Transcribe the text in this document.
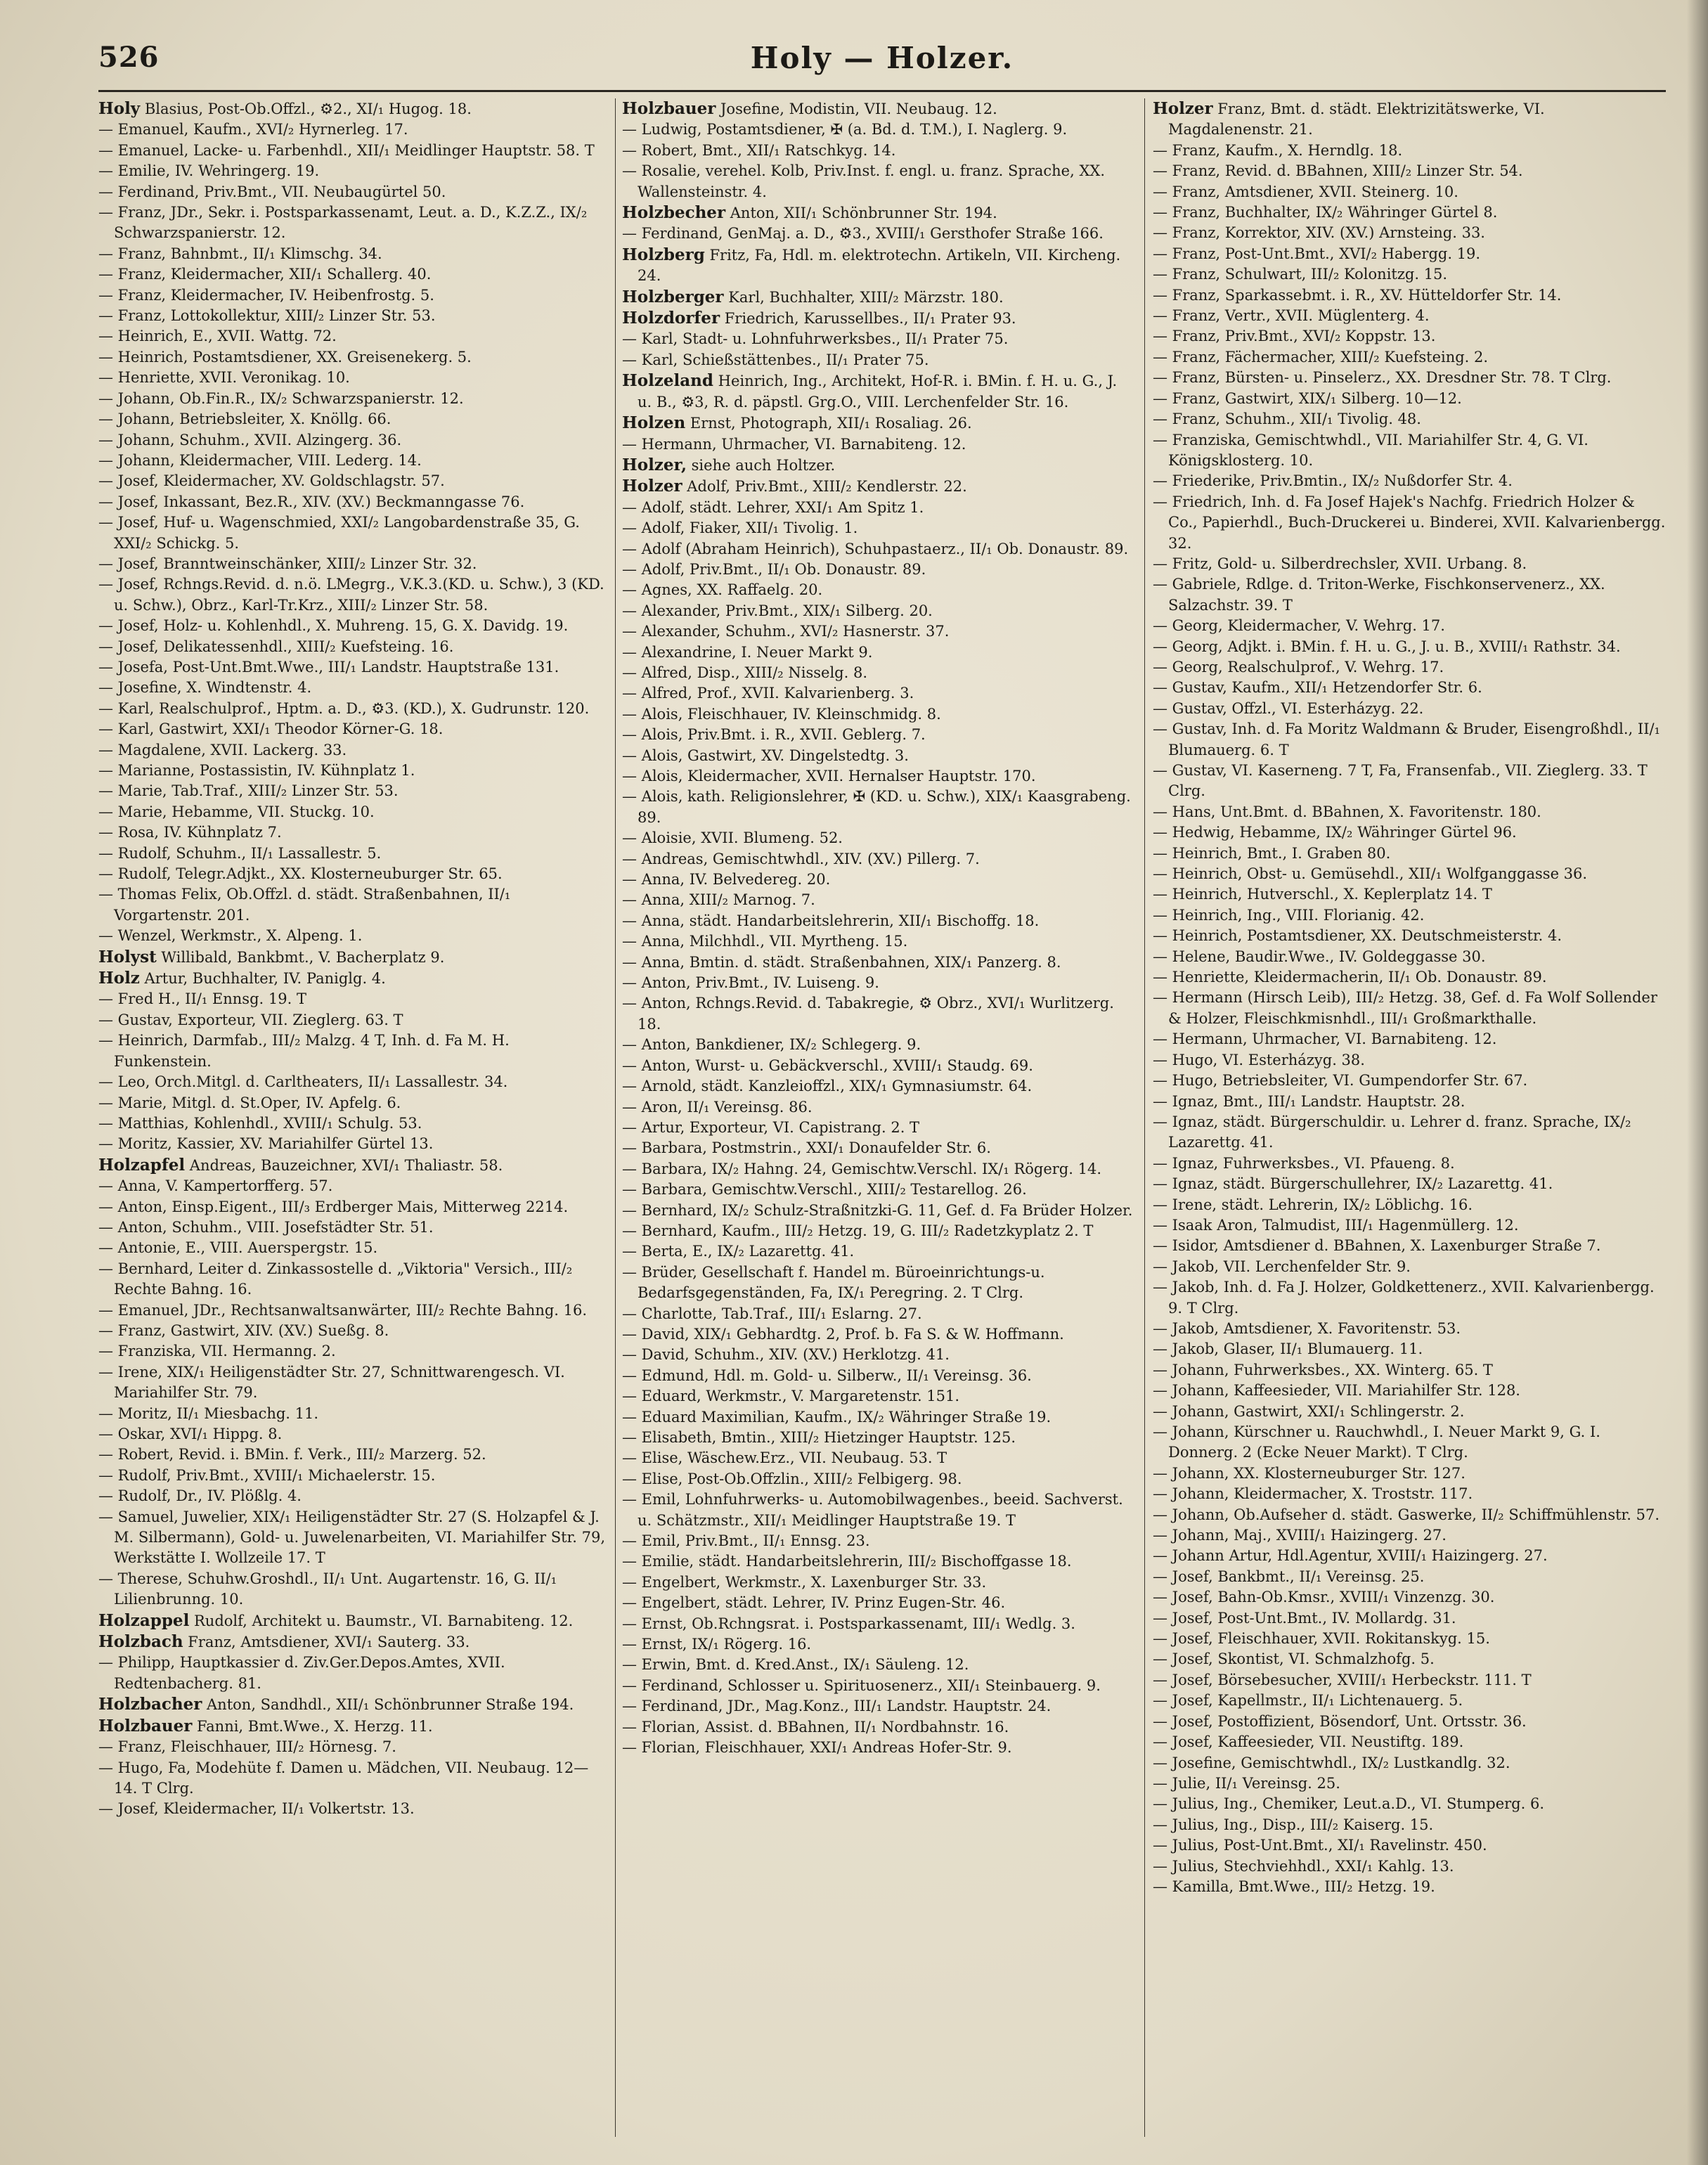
526	Holy — Holzer.

Holy Blasius, Post-Ob.Offzl., ⚙2., XI/₁ Hugog. 18.

— Emanuel, Kaufm., XVI/₂ Hyrnerleg. 17.

— Emanuel, Lacke- u. Farbenhdl., XII/₁ Meidlinger Hauptstr. 58. T

— Emilie, IV. Wehringerg. 19.

— Ferdinand, Priv.Bmt., VII. Neubaugürtel 50.

— Franz, JDr., Sekr. i. Postsparkassenamt, Leut. a. D., K.Z.Z., IX/₂ Schwarzspanierstr. 12.

— Franz, Bahnbmt., II/₁ Klimschg. 34.

— Franz, Kleidermacher, XII/₁ Schallerg. 40.

— Franz, Kleidermacher, IV. Heibenfrostg. 5.

— Franz, Lottokollektur, XIII/₂ Linzer Str. 53.

— Heinrich, E., XVII. Wattg. 72.

— Heinrich, Postamtsdiener, XX. Greisenekerg. 5.

— Henriette, XVII. Veronikag. 10.

— Johann, Ob.Fin.R., IX/₂ Schwarzspanierstr. 12.

— Johann, Betriebsleiter, X. Knöllg. 66.

— Johann, Schuhm., XVII. Alzingerg. 36.

— Johann, Kleidermacher, VIII. Lederg. 14.

— Josef, Kleidermacher, XV. Goldschlagstr. 57.

— Josef, Inkassant, Bez.R., XIV. (XV.) Beckmanngasse 76.

— Josef, Huf- u. Wagenschmied, XXI/₂ Langobardenstraße 35, G. XXI/₂ Schickg. 5.

— Josef, Branntweinschänker, XIII/₂ Linzer Str. 32.

— Josef, Rchngs.Revid. d. n.ö. LMegrg., V.K.3.(KD. u. Schw.), 3 (KD. u. Schw.), Obrz., Karl-Tr.Krz., XIII/₂ Linzer Str. 58.

— Josef, Holz- u. Kohlenhdl., X. Muhreng. 15, G. X. Davidg. 19.

— Josef, Delikatessenhdl., XIII/₂ Kuefsteing. 16.

— Josefa, Post-Unt.Bmt.Wwe., III/₁ Landstr. Hauptstraße 131.

— Josefine, X. Windtenstr. 4.

— Karl, Realschulprof., Hptm. a. D., ⚙3. (KD.), X. Gudrunstr. 120.

— Karl, Gastwirt, XXI/₁ Theodor Körner-G. 18.

— Magdalene, XVII. Lackerg. 33.

— Marianne, Postassistin, IV. Kühnplatz 1.

— Marie, Tab.Traf., XIII/₂ Linzer Str. 53.

— Marie, Hebamme, VII. Stuckg. 10.

— Rosa, IV. Kühnplatz 7.

— Rudolf, Schuhm., II/₁ Lassallestr. 5.

— Rudolf, Telegr.Adjkt., XX. Klosterneuburger Str. 65.

— Thomas Felix, Ob.Offzl. d. städt. Straßenbahnen, II/₁ Vorgartenstr. 201.

— Wenzel, Werkmstr., X. Alpeng. 1.

Holyst Willibald, Bankbmt., V. Bacherplatz 9.

Holz Artur, Buchhalter, IV. Paniglg. 4.

— Fred H., II/₁ Ennsg. 19. T

— Gustav, Exporteur, VII. Zieglerg. 63. T

— Heinrich, Darmfab., III/₂ Malzg. 4 T, Inh. d. Fa M. H. Funkenstein.

— Leo, Orch.Mitgl. d. Carltheaters, II/₁ Lassallestr. 34.

— Marie, Mitgl. d. St.Oper, IV. Apfelg. 6.

— Matthias, Kohlenhdl., XVIII/₁ Schulg. 53.

— Moritz, Kassier, XV. Mariahilfer Gürtel 13.

Holzapfel Andreas, Bauzeichner, XVI/₁ Thaliastr. 58.

— Anna, V. Kampertorfferg. 57.

— Anton, Einsp.Eigent., III/₃ Erdberger Mais, Mitterweg 2214.

— Anton, Schuhm., VIII. Josefstädter Str. 51.

— Antonie, E., VIII. Auerspergstr. 15.

— Bernhard, Leiter d. Zinkassostelle d. „Viktoria" Versich., III/₂ Rechte Bahng. 16.

— Emanuel, JDr., Rechtsanwaltsanwärter, III/₂ Rechte Bahng. 16.

— Franz, Gastwirt, XIV. (XV.) Sueßg. 8.

— Franziska, VII. Hermanng. 2.

— Irene, XIX/₁ Heiligenstädter Str. 27, Schnittwarengesch. VI. Mariahilfer Str. 79.

— Moritz, II/₁ Miesbachg. 11.

— Oskar, XVI/₁ Hippg. 8.

— Robert, Revid. i. BMin. f. Verk., III/₂ Marzerg. 52.

— Rudolf, Priv.Bmt., XVIII/₁ Michaelerstr. 15.

— Rudolf, Dr., IV. Plößlg. 4.

— Samuel, Juwelier, XIX/₁ Heiligenstädter Str. 27 (S. Holzapfel & J. M. Silbermann), Gold- u. Juwelenarbeiten, VI. Mariahilfer Str. 79, Werkstätte I. Wollzeile 17. T

— Therese, Schuhw.Groshdl., II/₁ Unt. Augartenstr. 16, G. II/₁ Lilienbrunng. 10.

Holzappel Rudolf, Architekt u. Baumstr., VI. Barnabiteng. 12.

Holzbach Franz, Amtsdiener, XVI/₁ Sauterg. 33.

— Philipp, Hauptkassier d. Ziv.Ger.Depos.Amtes, XVII. Redtenbacherg. 81.

Holzbacher Anton, Sandhdl., XII/₁ Schönbrunner Straße 194.

Holzbauer Fanni, Bmt.Wwe., X. Herzg. 11.

— Franz, Fleischhauer, III/₂ Hörnesg. 7.

— Hugo, Fa, Modehüte f. Damen u. Mädchen, VII. Neubaug. 12—14. T Clrg.

— Josef, Kleidermacher, II/₁ Volkertstr. 13.

Holzbauer Josefine, Modistin, VII. Neubaug. 12.

— Ludwig, Postamtsdiener, ✠ (a. Bd. d. T.M.), I. Naglerg. 9.

— Robert, Bmt., XII/₁ Ratschkyg. 14.

— Rosalie, verehel. Kolb, Priv.Inst. f. engl. u. franz. Sprache, XX. Wallensteinstr. 4.

Holzbecher Anton, XII/₁ Schönbrunner Str. 194.

— Ferdinand, GenMaj. a. D., ⚙3., XVIII/₁ Gersthofer Straße 166.

Holzberg Fritz, Fa, Hdl. m. elektrotechn. Artikeln, VII. Kircheng. 24.

Holzberger Karl, Buchhalter, XIII/₂ Märzstr. 180.

Holzdorfer Friedrich, Karussellbes., II/₁ Prater 93.

— Karl, Stadt- u. Lohnfuhrwerksbes., II/₁ Prater 75.

— Karl, Schießstättenbes., II/₁ Prater 75.

Holzeland Heinrich, Ing., Architekt, Hof-R. i. BMin. f. H. u. G., J. u. B., ⚙3, R. d. päpstl. Grg.O., VIII. Lerchenfelder Str. 16.

Holzen Ernst, Photograph, XII/₁ Rosaliag. 26.

— Hermann, Uhrmacher, VI. Barnabiteng. 12.

Holzer, siehe auch Holtzer.

Holzer Adolf, Priv.Bmt., XIII/₂ Kendlerstr. 22.

— Adolf, städt. Lehrer, XXI/₁ Am Spitz 1.

— Adolf, Fiaker, XII/₁ Tivolig. 1.

— Adolf (Abraham Heinrich), Schuhpastaerz., II/₁ Ob. Donaustr. 89.

— Adolf, Priv.Bmt., II/₁ Ob. Donaustr. 89.

— Agnes, XX. Raffaelg. 20.

— Alexander, Priv.Bmt., XIX/₁ Silberg. 20.

— Alexander, Schuhm., XVI/₂ Hasnerstr. 37.

— Alexandrine, I. Neuer Markt 9.

— Alfred, Disp., XIII/₂ Nisselg. 8.

— Alfred, Prof., XVII. Kalvarienberg. 3.

— Alois, Fleischhauer, IV. Kleinschmidg. 8.

— Alois, Priv.Bmt. i. R., XVII. Geblerg. 7.

— Alois, Gastwirt, XV. Dingelstedtg. 3.

— Alois, Kleidermacher, XVII. Hernalser Hauptstr. 170.

— Alois, kath. Religionslehrer, ✠ (KD. u. Schw.), XIX/₁ Kaasgrabeng. 89.

— Aloisie, XVII. Blumeng. 52.

— Andreas, Gemischtwhdl., XIV. (XV.) Pillerg. 7.

— Anna, IV. Belvedereg. 20.

— Anna, XIII/₂ Marnog. 7.

— Anna, städt. Handarbeitslehrerin, XII/₁ Bischoffg. 18.

— Anna, Milchhdl., VII. Myrtheng. 15.

— Anna, Bmtin. d. städt. Straßenbahnen, XIX/₁ Panzerg. 8.

— Anton, Priv.Bmt., IV. Luiseng. 9.

— Anton, Rchngs.Revid. d. Tabakregie, ⚙ Obrz., XVI/₁ Wurlitzerg. 18.

— Anton, Bankdiener, IX/₂ Schlegerg. 9.

— Anton, Wurst- u. Gebäckverschl., XVIII/₁ Staudg. 69.

— Arnold, städt. Kanzleioffzl., XIX/₁ Gymnasiumstr. 64.

— Aron, II/₁ Vereinsg. 86.

— Artur, Exporteur, VI. Capistrang. 2. T

— Barbara, Postmstrin., XXI/₁ Donaufelder Str. 6.

— Barbara, IX/₂ Hahng. 24, Gemischtw.Verschl. IX/₁ Rögerg. 14.

— Barbara, Gemischtw.Verschl., XIII/₂ Testarellog. 26.

— Bernhard, IX/₂ Schulz-Straßnitzki-G. 11, Gef. d. Fa Brüder Holzer.

— Bernhard, Kaufm., III/₂ Hetzg. 19, G. III/₂ Radetzkyplatz 2. T

— Berta, E., IX/₂ Lazarettg. 41.

— Brüder, Gesellschaft f. Handel m. Büroeinrichtungs-u. Bedarfsgegenständen, Fa, IX/₁ Peregring. 2. T Clrg.

— Charlotte, Tab.Traf., III/₁ Eslarng. 27.

— David, XIX/₁ Gebhardtg. 2, Prof. b. Fa S. & W. Hoffmann.

— David, Schuhm., XIV. (XV.) Herklotzg. 41.

— Edmund, Hdl. m. Gold- u. Silberw., II/₁ Vereinsg. 36.

— Eduard, Werkmstr., V. Margaretenstr. 151.

— Eduard Maximilian, Kaufm., IX/₂ Währinger Straße 19.

— Elisabeth, Bmtin., XIII/₂ Hietzinger Hauptstr. 125.

— Elise, Wäschew.Erz., VII. Neubaug. 53. T

— Elise, Post-Ob.Offzlin., XIII/₂ Felbigerg. 98.

— Emil, Lohnfuhrwerks- u. Automobilwagenbes., beeid. Sachverst. u. Schätzmstr., XII/₁ Meidlinger Hauptstraße 19. T

— Emil, Priv.Bmt., II/₁ Ennsg. 23.

— Emilie, städt. Handarbeitslehrerin, III/₂ Bischoffgasse 18.

— Engelbert, Werkmstr., X. Laxenburger Str. 33.

— Engelbert, städt. Lehrer, IV. Prinz Eugen-Str. 46.

— Ernst, Ob.Rchngsrat. i. Postsparkassenamt, III/₁ Wedlg. 3.

— Ernst, IX/₁ Rögerg. 16.

— Erwin, Bmt. d. Kred.Anst., IX/₁ Säuleng. 12.

— Ferdinand, Schlosser u. Spirituosenerz., XII/₁ Steinbauerg. 9.

— Ferdinand, JDr., Mag.Konz., III/₁ Landstr. Hauptstr. 24.

— Florian, Assist. d. BBahnen, II/₁ Nordbahnstr. 16.

— Florian, Fleischhauer, XXI/₁ Andreas Hofer-Str. 9.

Holzer Franz, Bmt. d. städt. Elektrizitätswerke, VI. Magdalenenstr. 21.

— Franz, Kaufm., X. Herndlg. 18.

— Franz, Revid. d. BBahnen, XIII/₂ Linzer Str. 54.

— Franz, Amtsdiener, XVII. Steinerg. 10.

— Franz, Buchhalter, IX/₂ Währinger Gürtel 8.

— Franz, Korrektor, XIV. (XV.) Arnsteing. 33.

— Franz, Post-Unt.Bmt., XVI/₂ Habergg. 19.

— Franz, Schulwart, III/₂ Kolonitzg. 15.

— Franz, Sparkassebmt. i. R., XV. Hütteldorfer Str. 14.

— Franz, Vertr., XVII. Müglenterg. 4.

— Franz, Priv.Bmt., XVI/₂ Koppstr. 13.

— Franz, Fächermacher, XIII/₂ Kuefsteing. 2.

— Franz, Bürsten- u. Pinselerz., XX. Dresdner Str. 78. T Clrg.

— Franz, Gastwirt, XIX/₁ Silberg. 10—12.

— Franz, Schuhm., XII/₁ Tivolig. 48.

— Franziska, Gemischtwhdl., VII. Mariahilfer Str. 4, G. VI. Königsklosterg. 10.

— Friederike, Priv.Bmtin., IX/₂ Nußdorfer Str. 4.

— Friedrich, Inh. d. Fa Josef Hajek's Nachfg. Friedrich Holzer & Co., Papierhdl., Buch-Druckerei u. Binderei, XVII. Kalvarienbergg. 32.

— Fritz, Gold- u. Silberdrechsler, XVII. Urbang. 8.

— Gabriele, Rdlge. d. Triton-Werke, Fischkonservenerz., XX. Salzachstr. 39. T

— Georg, Kleidermacher, V. Wehrg. 17.

— Georg, Adjkt. i. BMin. f. H. u. G., J. u. B., XVIII/₁ Rathstr. 34.

— Georg, Realschulprof., V. Wehrg. 17.

— Gustav, Kaufm., XII/₁ Hetzendorfer Str. 6.

— Gustav, Offzl., VI. Esterházyg. 22.

— Gustav, Inh. d. Fa Moritz Waldmann & Bruder, Eisengroßhdl., II/₁ Blumauerg. 6. T

— Gustav, VI. Kaserneng. 7 T, Fa, Fransenfab., VII. Zieglerg. 33. T Clrg.

— Hans, Unt.Bmt. d. BBahnen, X. Favoritenstr. 180.

— Hedwig, Hebamme, IX/₂ Währinger Gürtel 96.

— Heinrich, Bmt., I. Graben 80.

— Heinrich, Obst- u. Gemüsehdl., XII/₁ Wolfganggasse 36.

— Heinrich, Hutverschl., X. Keplerplatz 14. T

— Heinrich, Ing., VIII. Florianig. 42.

— Heinrich, Postamtsdiener, XX. Deutschmeisterstr. 4.

— Helene, Baudir.Wwe., IV. Goldeggasse 30.

— Henriette, Kleidermacherin, II/₁ Ob. Donaustr. 89.

— Hermann (Hirsch Leib), III/₂ Hetzg. 38, Gef. d. Fa Wolf Sollender & Holzer, Fleischkmisnhdl., III/₁ Großmarkthalle.

— Hermann, Uhrmacher, VI. Barnabiteng. 12.

— Hugo, VI. Esterházyg. 38.

— Hugo, Betriebsleiter, VI. Gumpendorfer Str. 67.

— Ignaz, Bmt., III/₁ Landstr. Hauptstr. 28.

— Ignaz, städt. Bürgerschuldir. u. Lehrer d. franz. Sprache, IX/₂ Lazarettg. 41.

— Ignaz, Fuhrwerksbes., VI. Pfaueng. 8.

— Ignaz, städt. Bürgerschullehrer, IX/₂ Lazarettg. 41.

— Irene, städt. Lehrerin, IX/₂ Löblichg. 16.

— Isaak Aron, Talmudist, III/₁ Hagenmüllerg. 12.

— Isidor, Amtsdiener d. BBahnen, X. Laxenburger Straße 7.

— Jakob, VII. Lerchenfelder Str. 9.

— Jakob, Inh. d. Fa J. Holzer, Goldkettenerz., XVII. Kalvarienbergg. 9. T Clrg.

— Jakob, Amtsdiener, X. Favoritenstr. 53.

— Jakob, Glaser, II/₁ Blumauerg. 11.

— Johann, Fuhrwerksbes., XX. Winterg. 65. T

— Johann, Kaffeesieder, VII. Mariahilfer Str. 128.

— Johann, Gastwirt, XXI/₁ Schlingerstr. 2.

— Johann, Kürschner u. Rauchwhdl., I. Neuer Markt 9, G. I. Donnerg. 2 (Ecke Neuer Markt). T Clrg.

— Johann, XX. Klosterneuburger Str. 127.

— Johann, Kleidermacher, X. Troststr. 117.

— Johann, Ob.Aufseher d. städt. Gaswerke, II/₂ Schiffmühlenstr. 57.

— Johann, Maj., XVIII/₁ Haizingerg. 27.

— Johann Artur, Hdl.Agentur, XVIII/₁ Haizingerg. 27.

— Josef, Bankbmt., II/₁ Vereinsg. 25.

— Josef, Bahn-Ob.Kmsr., XVIII/₁ Vinzenzg. 30.

— Josef, Post-Unt.Bmt., IV. Mollardg. 31.

— Josef, Fleischhauer, XVII. Rokitanskyg. 15.

— Josef, Skontist, VI. Schmalzhofg. 5.

— Josef, Börsebesucher, XVIII/₁ Herbeckstr. 111. T

— Josef, Kapellmstr., II/₁ Lichtenauerg. 5.

— Josef, Postoffizient, Bösendorf, Unt. Ortsstr. 36.

— Josef, Kaffeesieder, VII. Neustiftg. 189.

— Josefine, Gemischtwhdl., IX/₂ Lustkandlg. 32.

— Julie, II/₁ Vereinsg. 25.

— Julius, Ing., Chemiker, Leut.a.D., VI. Stumperg. 6.

— Julius, Ing., Disp., III/₂ Kaiserg. 15.

— Julius, Post-Unt.Bmt., XI/₁ Ravelinstr. 450.

— Julius, Stechviehhdl., XXI/₁ Kahlg. 13.

— Kamilla, Bmt.Wwe., III/₂ Hetzg. 19.
